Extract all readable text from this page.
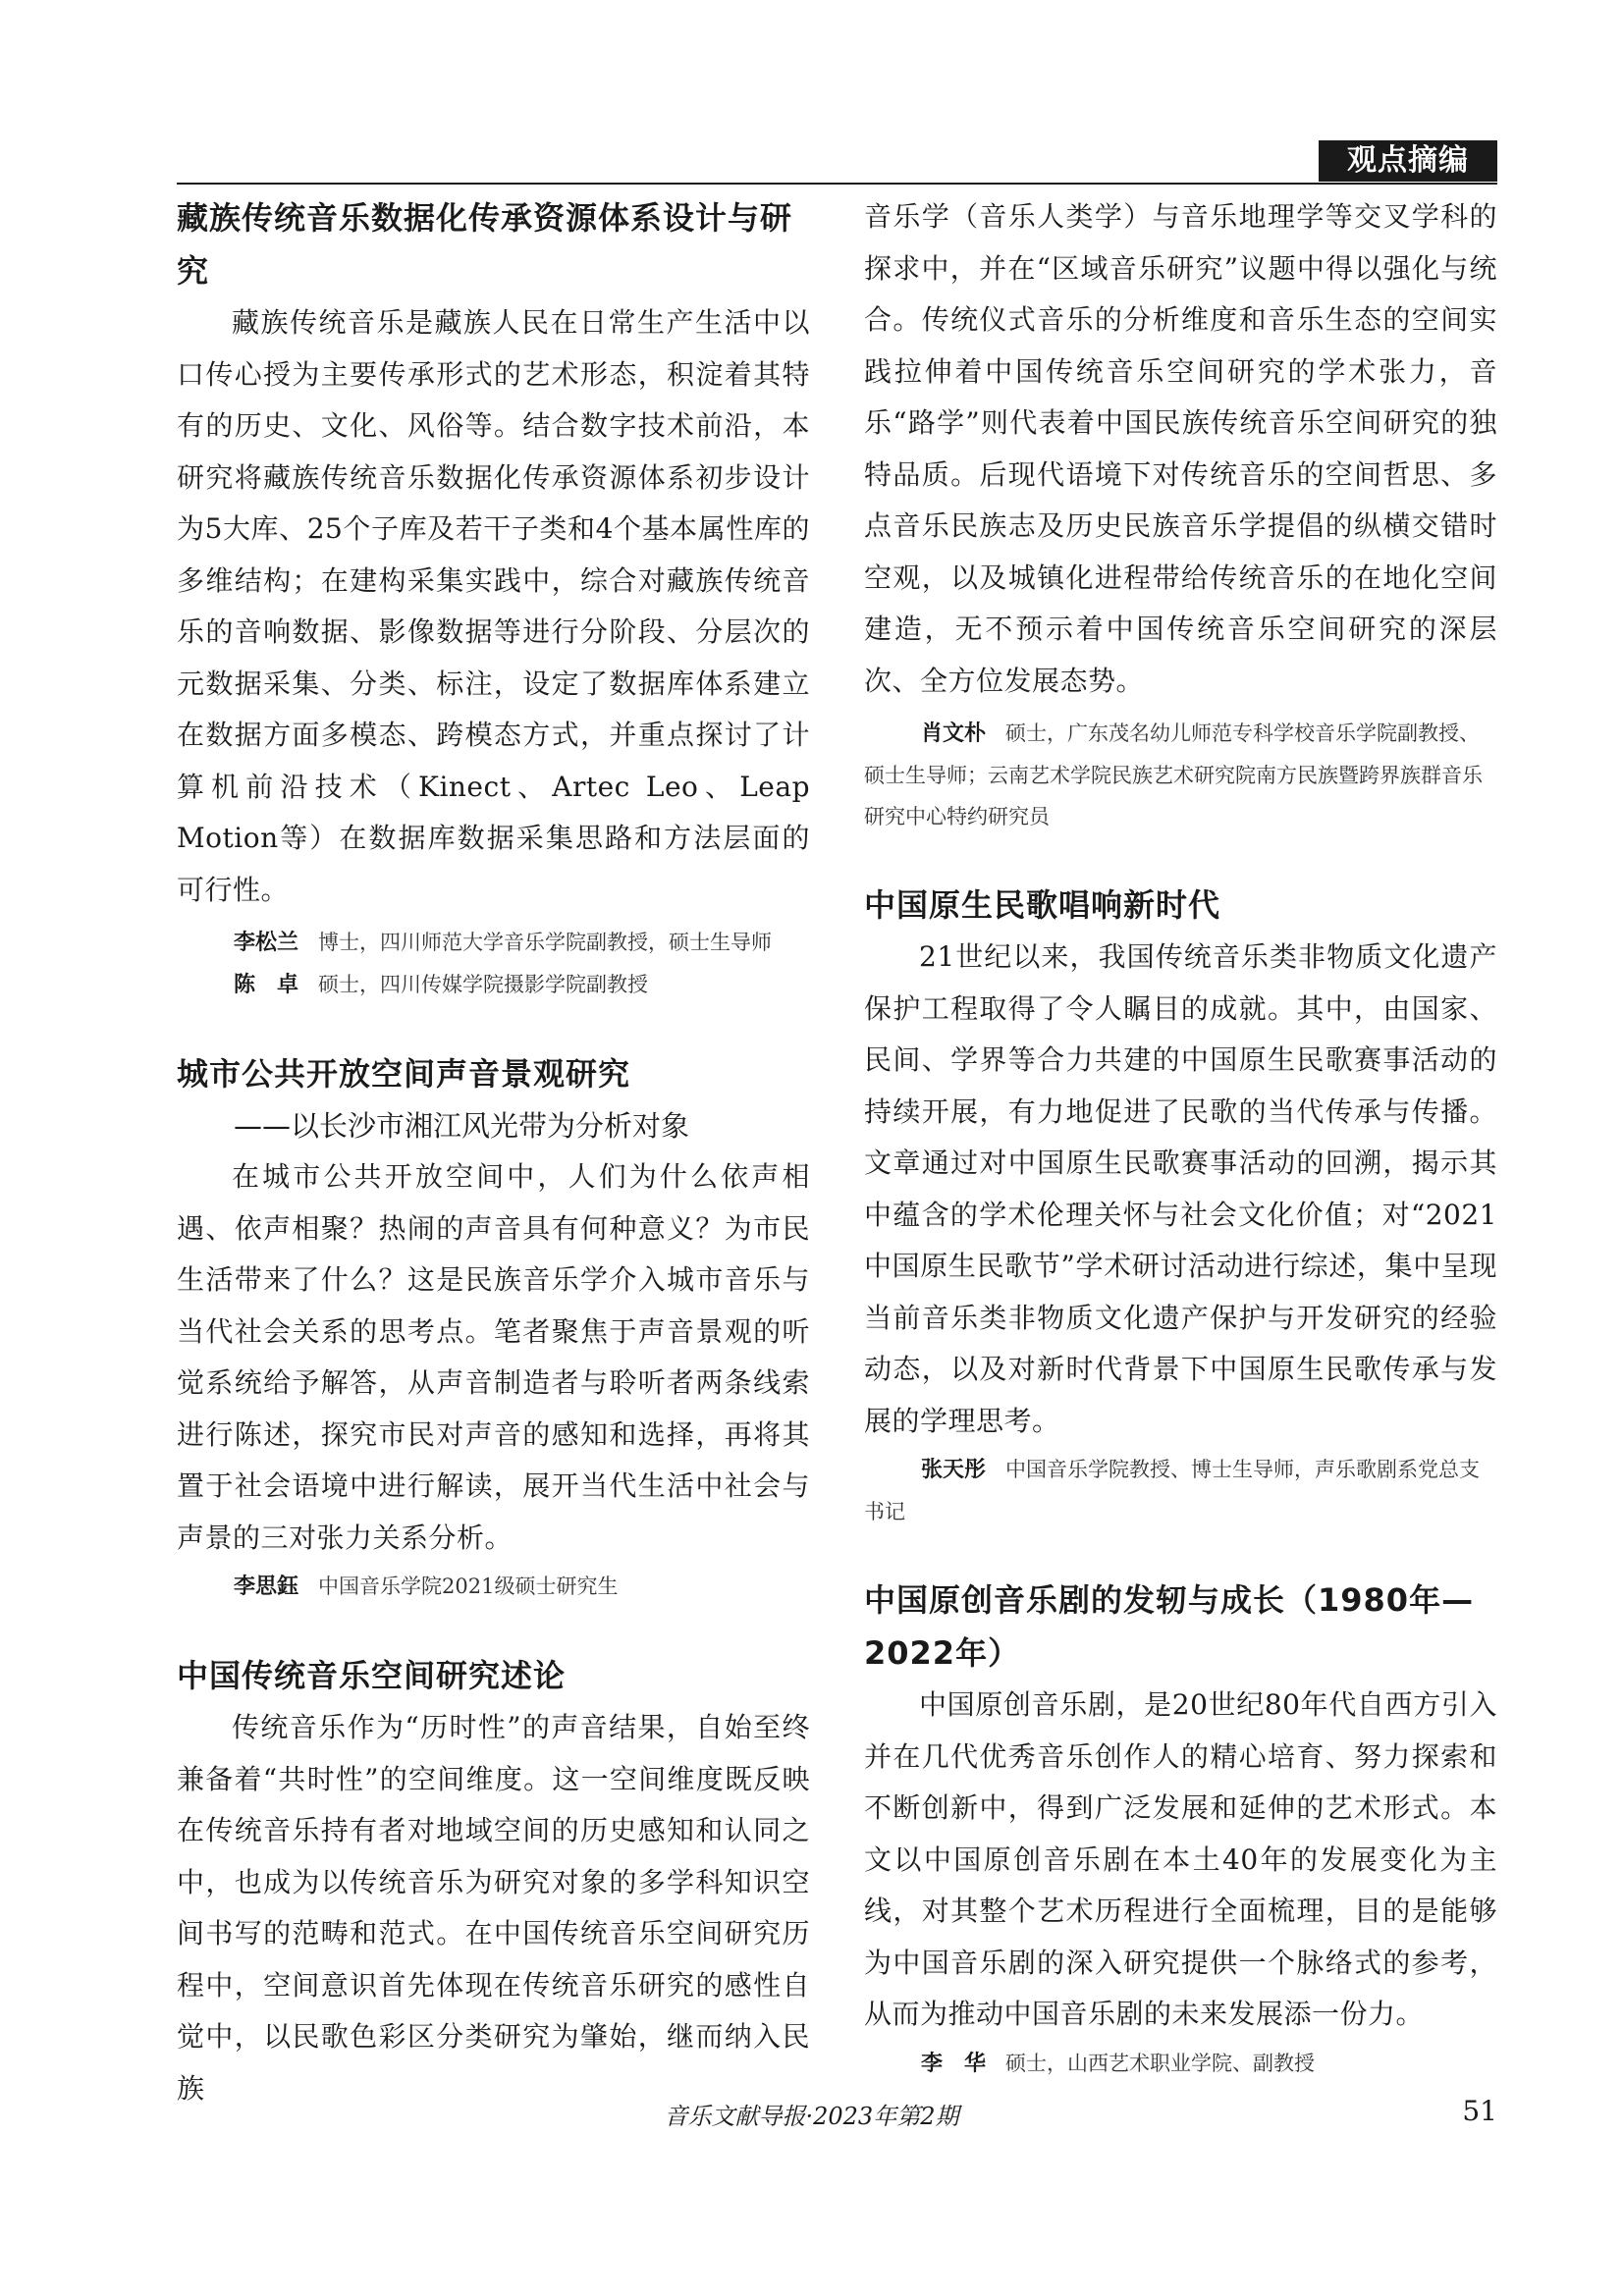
观点摘编
藏族传统音乐数据化传承资源体系设计与研究

藏族传统音乐是藏族人民在日常生产生活中以口传心授为主要传承形式的艺术形态，积淀着其特有的历史、文化、风俗等。结合数字技术前沿，本研究将藏族传统音乐数据化传承资源体系初步设计为5大库、25个子库及若干子类和4个基本属性库的多维结构；在建构采集实践中，综合对藏族传统音乐的音响数据、影像数据等进行分阶段、分层次的元数据采集、分类、标注，设定了数据库体系建立在数据方面多模态、跨模态方式，并重点探讨了计算机前沿技术（Kinect、Artec Leo、Leap Motion等）在数据库数据采集思路和方法层面的可行性。

李松兰 博士，四川师范大学音乐学院副教授，硕士生导师

陈　卓 硕士，四川传媒学院摄影学院副教授

城市公共开放空间声音景观研究

——以长沙市湘江风光带为分析对象

在城市公共开放空间中，人们为什么依声相遇、依声相聚？热闹的声音具有何种意义？为市民生活带来了什么？这是民族音乐学介入城市音乐与当代社会关系的思考点。笔者聚焦于声音景观的听觉系统给予解答，从声音制造者与聆听者两条线索进行陈述，探究市民对声音的感知和选择，再将其置于社会语境中进行解读，展开当代生活中社会与声景的三对张力关系分析。

李思鈺 中国音乐学院2021级硕士研究生

中国传统音乐空间研究述论

传统音乐作为“历时性”的声音结果，自始至终兼备着“共时性”的空间维度。这一空间维度既反映在传统音乐持有者对地域空间的历史感知和认同之中，也成为以传统音乐为研究对象的多学科知识空间书写的范畴和范式。在中国传统音乐空间研究历程中，空间意识首先体现在传统音乐研究的感性自觉中，以民歌色彩区分类研究为肇始，继而纳入民族

音乐学（音乐人类学）与音乐地理学等交叉学科的探求中，并在“区域音乐研究”议题中得以强化与统合。传统仪式音乐的分析维度和音乐生态的空间实践拉伸着中国传统音乐空间研究的学术张力，音乐“路学”则代表着中国民族传统音乐空间研究的独特品质。后现代语境下对传统音乐的空间哲思、多点音乐民族志及历史民族音乐学提倡的纵横交错时空观，以及城镇化进程带给传统音乐的在地化空间建造，无不预示着中国传统音乐空间研究的深层次、全方位发展态势。

肖文朴 硕士，广东茂名幼儿师范专科学校音乐学院副教授、硕士生导师；云南艺术学院民族艺术研究院南方民族暨跨界族群音乐研究中心特约研究员

中国原生民歌唱响新时代

21世纪以来，我国传统音乐类非物质文化遗产保护工程取得了令人瞩目的成就。其中，由国家、民间、学界等合力共建的中国原生民歌赛事活动的持续开展，有力地促进了民歌的当代传承与传播。文章通过对中国原生民歌赛事活动的回溯，揭示其中蕴含的学术伦理关怀与社会文化价值；对“2021中国原生民歌节”学术研讨活动进行综述，集中呈现当前音乐类非物质文化遗产保护与开发研究的经验动态，以及对新时代背景下中国原生民歌传承与发展的学理思考。

张天彤 中国音乐学院教授、博士生导师，声乐歌剧系党总支书记

中国原创音乐剧的发轫与成长（1980年—2022年）

中国原创音乐剧，是20世纪80年代自西方引入并在几代优秀音乐创作人的精心培育、努力探索和不断创新中，得到广泛发展和延伸的艺术形式。本文以中国原创音乐剧在本土40年的发展变化为主线，对其整个艺术历程进行全面梳理，目的是能够为中国音乐剧的深入研究提供一个脉络式的参考，从而为推动中国音乐剧的未来发展添一份力。

李　华 硕士，山西艺术职业学院、副教授

音乐文献导报·2023年第2期	51
